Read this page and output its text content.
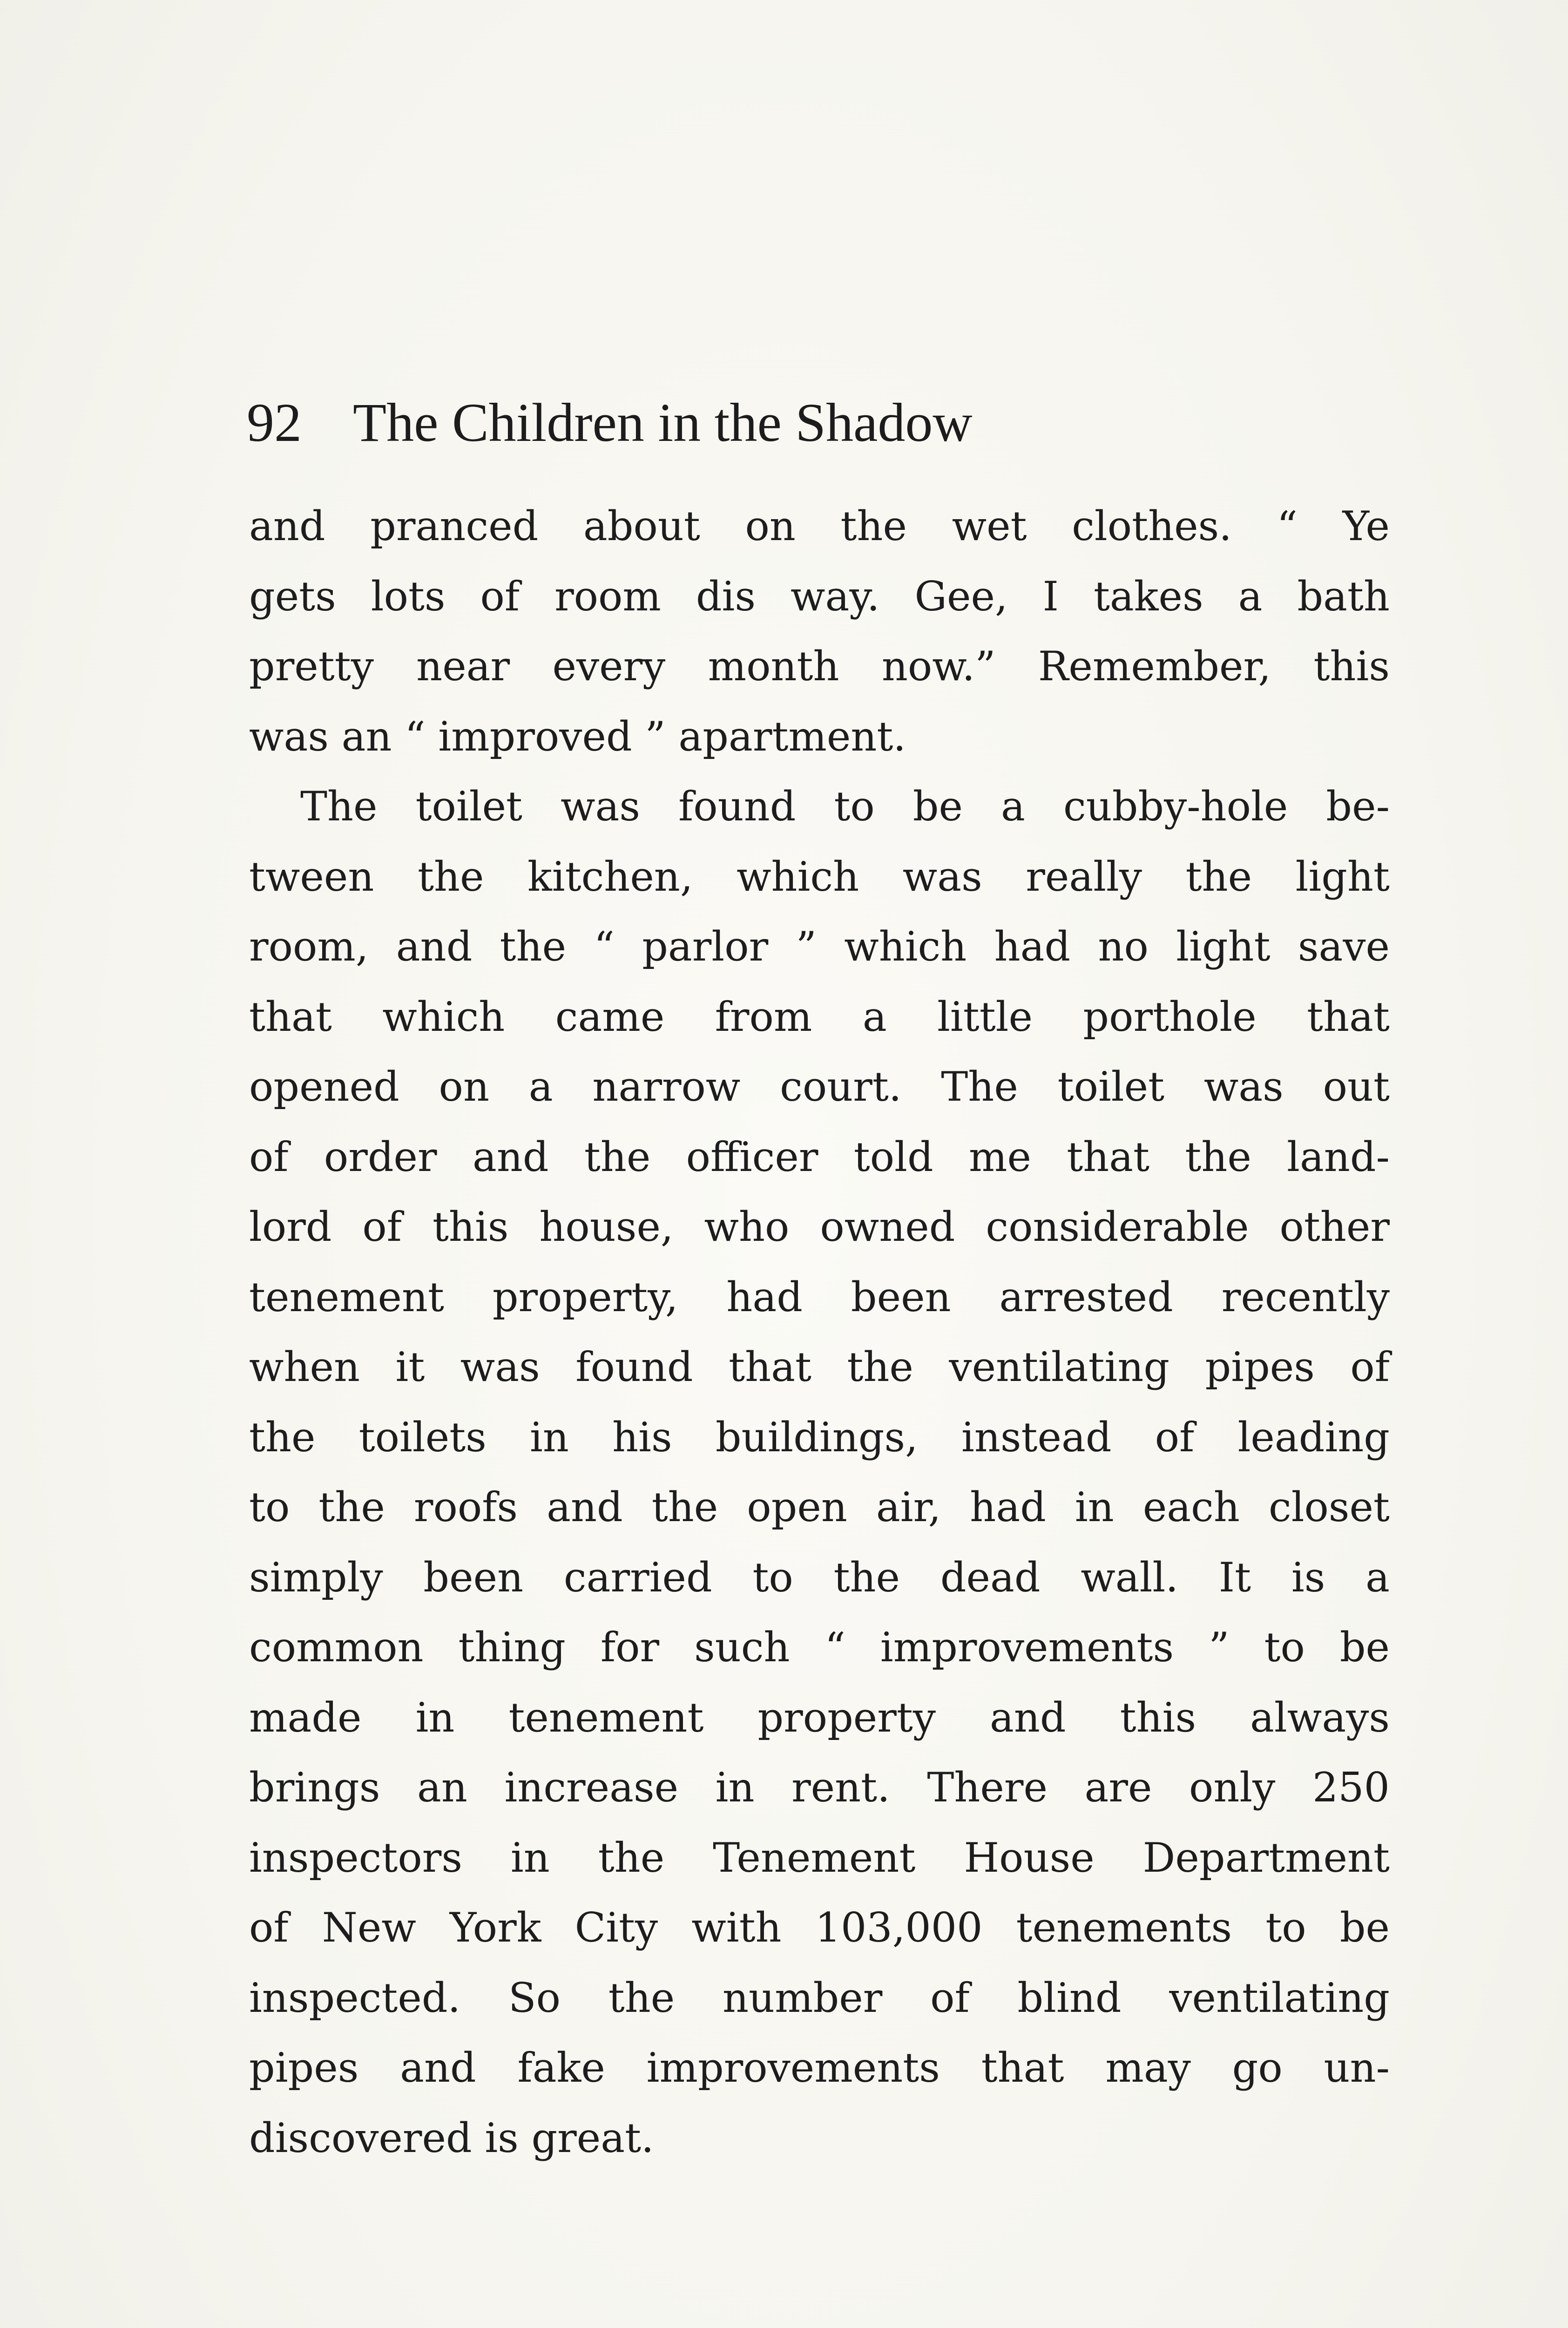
92 The Children in the Shadow
and pranced about on the wet clothes. “ Ye
gets lots of room dis way. Gee, I takes a bath
pretty near every month now.” Remember, this
was an “ improved ” apartment.
The toilet was found to be a cubby-hole be-
tween the kitchen, which was really the light
room, and the “ parlor ” which had no light save
that which came from a little porthole that
opened on a narrow court. The toilet was out
of order and the officer told me that the land-
lord of this house, who owned considerable other
tenement property, had been arrested recently
when it was found that the ventilating pipes of
the toilets in his buildings, instead of leading
to the roofs and the open air, had in each closet
simply been carried to the dead wall. It is a
common thing for such “ improvements ” to be
made in tenement property and this always
brings an increase in rent. There are only 250
inspectors in the Tenement House Department
of New York City with 103,000 tenements to be
inspected. So the number of blind ventilating
pipes and fake improvements that may go un-
discovered is great.
